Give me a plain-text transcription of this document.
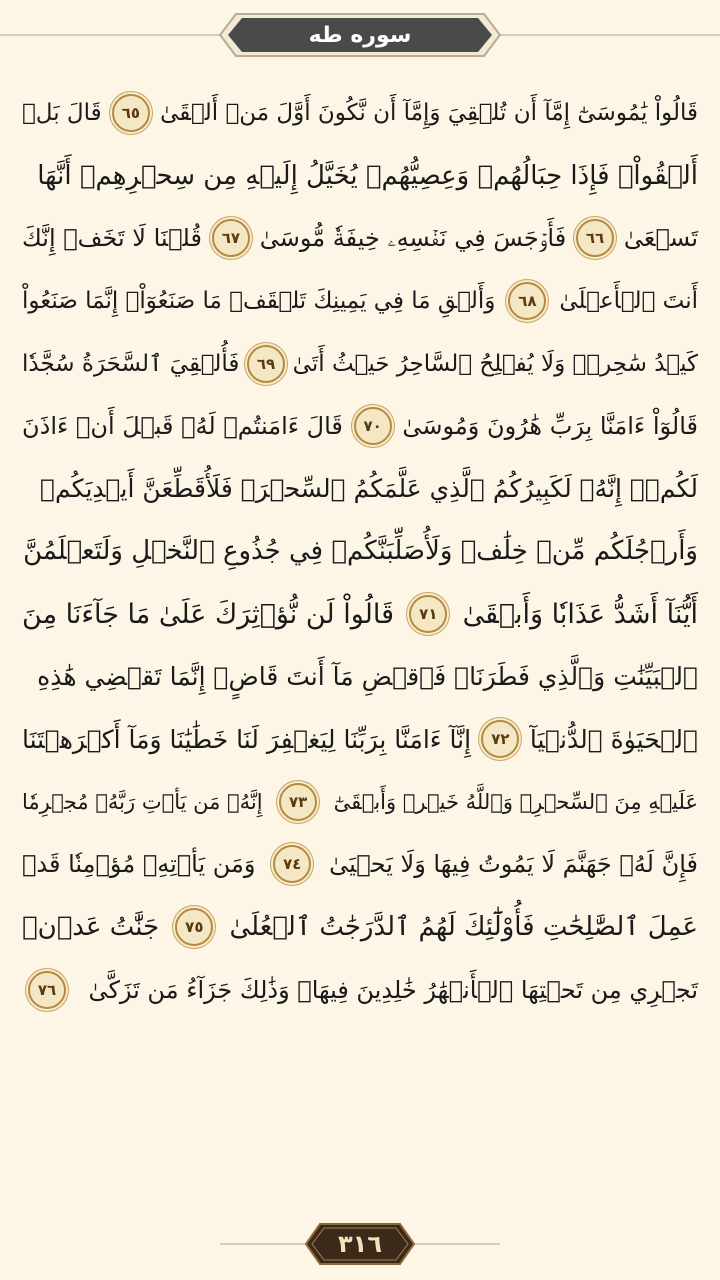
سوره طه
قَالُواْ يَٰمُوسَىٰٓ إِمَّآ أَن تُلۡقِيَ وَإِمَّآ أَن نَّكُونَ أَوَّلَ مَنۡ أَلۡقَىٰ
٦٥
قَالَ بَلۡ
أَلۡقُواْۖ فَإِذَا حِبَالُهُمۡ وَعِصِيُّهُمۡ يُخَيَّلُ إِلَيۡهِ مِن سِحۡرِهِمۡ أَنَّهَا
تَسۡعَىٰ
٦٦
فَأَوۡجَسَ فِي نَفۡسِهِۦ خِيفَةٗ مُّوسَىٰ
٦٧
قُلۡنَا لَا تَخَفۡ إِنَّكَ
أَنتَ ٱلۡأَعۡلَىٰ
٦٨
وَأَلۡقِ مَا فِي يَمِينِكَ تَلۡقَفۡ مَا صَنَعُوٓاْۖ إِنَّمَا صَنَعُواْ
كَيۡدُ سَٰحِرٖۖ وَلَا يُفۡلِحُ ٱلسَّاحِرُ حَيۡثُ أَتَىٰ
٦٩
فَأُلۡقِيَ ٱلسَّحَرَةُ سُجَّدٗا
قَالُوٓاْ ءَامَنَّا بِرَبِّ هَٰرُونَ وَمُوسَىٰ
٧٠
قَالَ ءَامَنتُمۡ لَهُۥ قَبۡلَ أَنۡ ءَاذَنَ
لَكُمۡۖ إِنَّهُۥ لَكَبِيرُكُمُ ٱلَّذِي عَلَّمَكُمُ ٱلسِّحۡرَۖ فَلَأُقَطِّعَنَّ أَيۡدِيَكُمۡ
وَأَرۡجُلَكُم مِّنۡ خِلَٰفٖ وَلَأُصَلِّبَنَّكُمۡ فِي جُذُوعِ ٱلنَّخۡلِ وَلَتَعۡلَمُنَّ
أَيُّنَآ أَشَدُّ عَذَابٗا وَأَبۡقَىٰ
٧١
قَالُواْ لَن نُّؤۡثِرَكَ عَلَىٰ مَا جَآءَنَا مِنَ
ٱلۡبَيِّنَٰتِ وَٱلَّذِي فَطَرَنَاۖ فَٱقۡضِ مَآ أَنتَ قَاضٍۖ إِنَّمَا تَقۡضِي هَٰذِهِ
ٱلۡحَيَوٰةَ ٱلدُّنۡيَآ
٧٢
إِنَّآ ءَامَنَّا بِرَبِّنَا لِيَغۡفِرَ لَنَا خَطَٰيَٰنَا وَمَآ أَكۡرَهۡتَنَا
عَلَيۡهِ مِنَ ٱلسِّحۡرِۗ وَٱللَّهُ خَيۡرٞ وَأَبۡقَىٰٓ
٧٣
إِنَّهُۥ مَن يَأۡتِ رَبَّهُۥ مُجۡرِمٗا
فَإِنَّ لَهُۥ جَهَنَّمَ لَا يَمُوتُ فِيهَا وَلَا يَحۡيَىٰ
٧٤
وَمَن يَأۡتِهِۦ مُؤۡمِنٗا قَدۡ
عَمِلَ ٱلصَّٰلِحَٰتِ فَأُوْلَٰٓئِكَ لَهُمُ ٱلدَّرَجَٰتُ ٱلۡعُلَىٰ
٧٥
جَنَّٰتُ عَدۡنٖ
تَجۡرِي مِن تَحۡتِهَا ٱلۡأَنۡهَٰرُ خَٰلِدِينَ فِيهَاۚ وَذَٰلِكَ جَزَآءُ مَن تَزَكَّىٰ
٧٦
٣١٦
